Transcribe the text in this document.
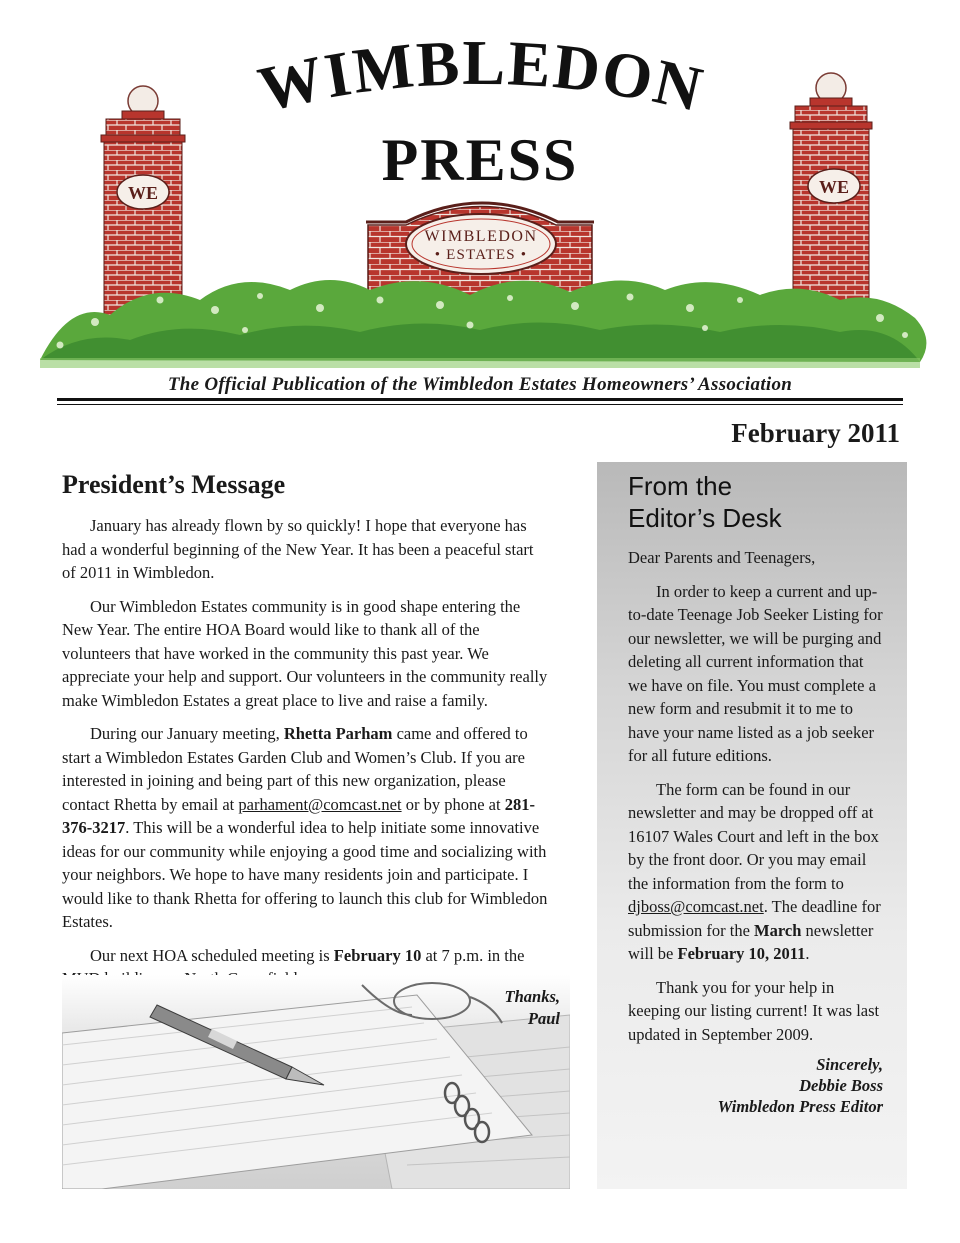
WE	WE
WIMBLEDON
• ESTATES •
WIMBLEDON
PRESS
The Official Publication of the Wimbledon Estates Homeowners’ Association
February 2011
President’s Message

January has already flown by so quickly! I hope that everyone has had a wonderful beginning of the New Year. It has been a peaceful start of 2011 in Wimbledon.

Our Wimbledon Estates community is in good shape entering the New Year. The entire HOA Board would like to thank all of the volunteers that have worked in the community this past year. We appreciate your help and support. Our volunteers in the community really make Wimbledon Estates a great place to live and raise a family.

During our January meeting, Rhetta Parham came and offered to start a Wimbledon Estates Garden Club and Women’s Club. If you are interested in joining and being part of this new organization, please contact Rhetta by email at parhament@comcast.net or by phone at 281-376-3217. This will be a wonderful idea to help initiate some innovative ideas for our community while enjoying a good time and socializing with your neighbors. We hope to have many residents join and participate. I would like to thank Rhetta for offering to launch this club for Wimbledon Estates.

Our next HOA scheduled meeting is February 10 at 7 p.m. in the

Thanks,
Paul
From the
Editor’s Desk

Dear Parents and Teenagers,

In order to keep a current and up-to-date Teenage Job Seeker Listing for our newsletter, we will be purging and deleting all current information that we have on file. You must complete a new form and resubmit it to me to have your name listed as a job seeker for all future editions.

The form can be found in our newsletter and may be dropped off at 16107 Wales Court and left in the box by the front door. Or you may email the information from the form to djboss@comcast.net. The deadline for submission for the March newsletter will be February 10, 2011.

Thank you for your help in keeping our listing current! It was last updated in September 2009.

Sincerely,
Debbie Boss
Wimbledon Press Editor
